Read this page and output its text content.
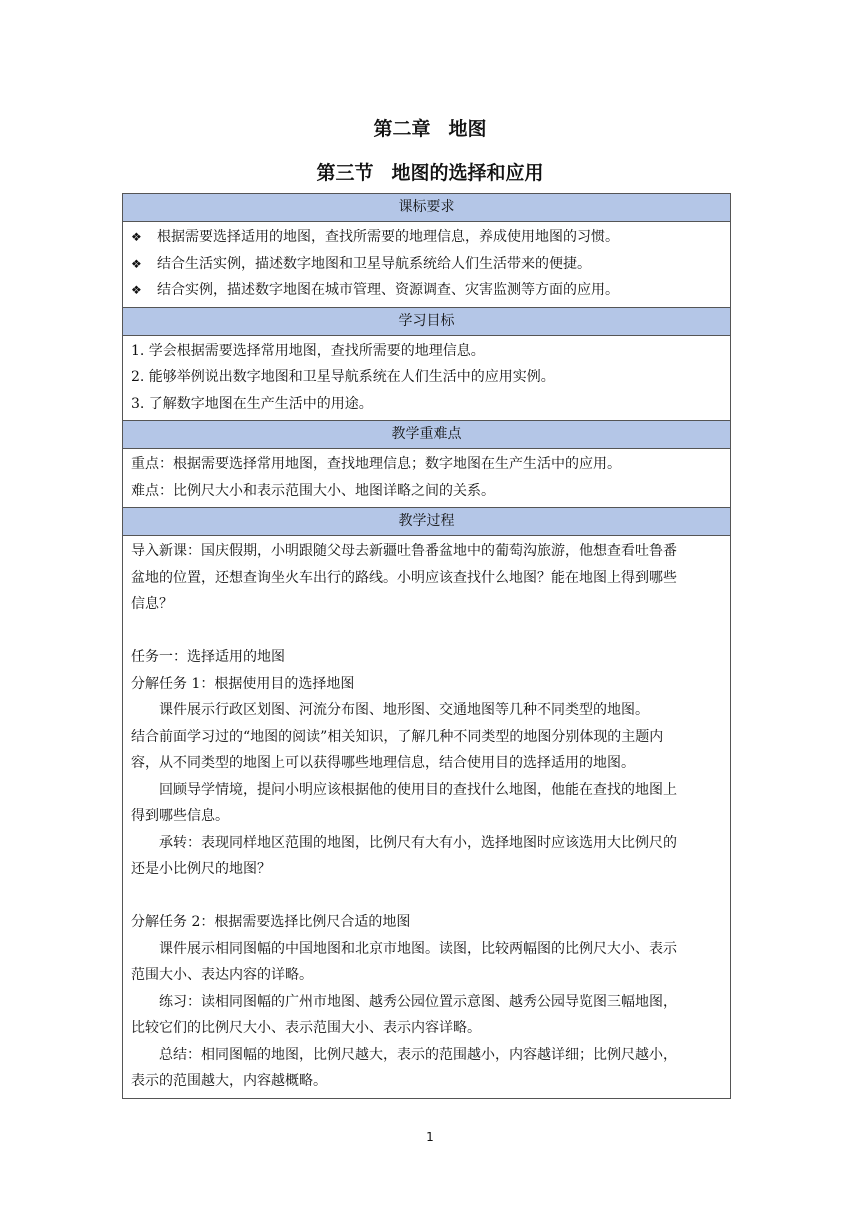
第二章 地图
第三节 地图的选择和应用
课标要求
❖ 根据需要选择适用的地图，查找所需要的地理信息，养成使用地图的习惯。
❖ 结合生活实例，描述数字地图和卫星导航系统给人们生活带来的便捷。
❖ 结合实例，描述数字地图在城市管理、资源调查、灾害监测等方面的应用。
学习目标
1. 学会根据需要选择常用地图，查找所需要的地理信息。
2. 能够举例说出数字地图和卫星导航系统在人们生活中的应用实例。
3. 了解数字地图在生产生活中的用途。
教学重难点
重点：根据需要选择常用地图，查找地理信息；数字地图在生产生活中的应用。
难点：比例尺大小和表示范围大小、地图详略之间的关系。
教学过程
导入新课：国庆假期，小明跟随父母去新疆吐鲁番盆地中的葡萄沟旅游，他想查看吐鲁番
盆地的位置，还想查询坐火车出行的路线。小明应该查找什么地图？能在地图上得到哪些
信息？
任务一：选择适用的地图
分解任务 1：根据使用目的选择地图
课件展示行政区划图、河流分布图、地形图、交通地图等几种不同类型的地图。
结合前面学习过的“地图的阅读”相关知识，了解几种不同类型的地图分别体现的主题内
容，从不同类型的地图上可以获得哪些地理信息，结合使用目的选择适用的地图。
回顾导学情境，提问小明应该根据他的使用目的查找什么地图，他能在查找的地图上
得到哪些信息。
承转：表现同样地区范围的地图，比例尺有大有小，选择地图时应该选用大比例尺的
还是小比例尺的地图？
分解任务 2：根据需要选择比例尺合适的地图
课件展示相同图幅的中国地图和北京市地图。读图，比较两幅图的比例尺大小、表示
范围大小、表达内容的详略。
练习：读相同图幅的广州市地图、越秀公园位置示意图、越秀公园导览图三幅地图，
比较它们的比例尺大小、表示范围大小、表示内容详略。
总结：相同图幅的地图，比例尺越大，表示的范围越小，内容越详细；比例尺越小，
表示的范围越大，内容越概略。
1
